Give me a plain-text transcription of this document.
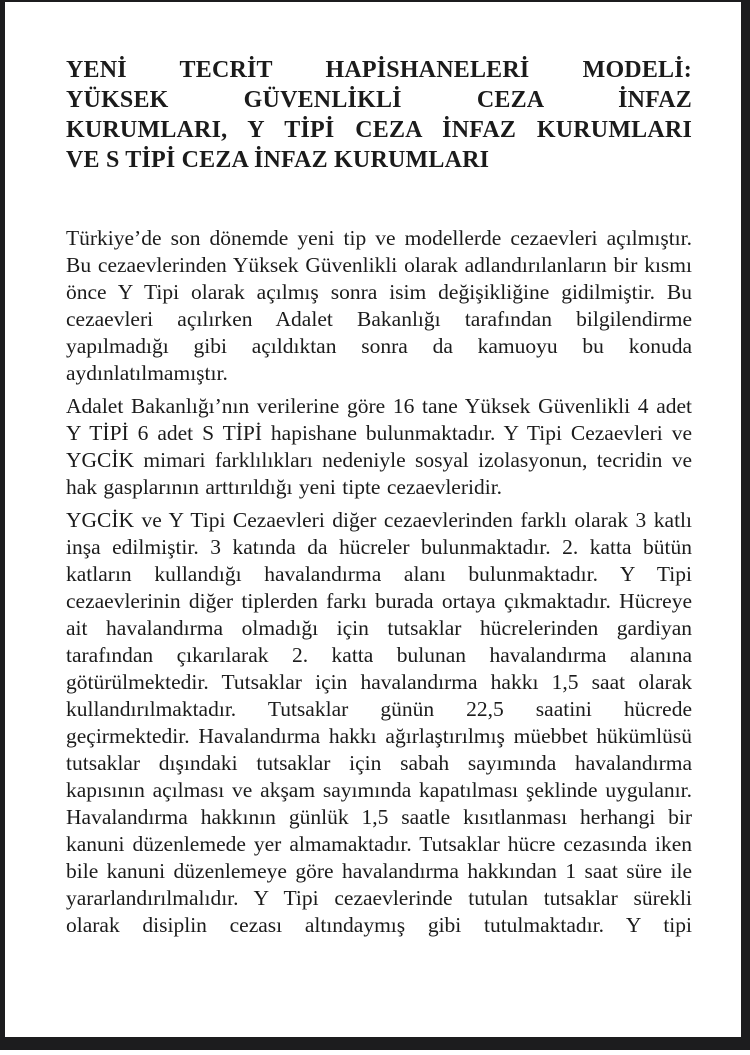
YENİ TECRİT HAPİSHANELERİ MODELİ:
YÜKSEK GÜVENLİKLİ CEZA İNFAZ
KURUMLARI, Y TİPİ CEZA İNFAZ KURUMLARI
VE S TİPİ CEZA İNFAZ KURUMLARI

Türkiye’de son dönemde yeni tip ve modellerde cezaevleri açılmıştır. Bu cezaevlerinden Yüksek Güvenlikli olarak adlandırılanların bir kısmı önce Y Tipi olarak açılmış sonra isim değişikliğine gidilmiştir. Bu cezaevleri açılırken Adalet Bakanlığı tarafından bilgilendirme yapılmadığı gibi açıldıktan sonra da kamuoyu bu konuda aydınlatılmamıştır.

Adalet Bakanlığı’nın verilerine göre 16 tane Yüksek Güvenlikli 4 adet Y TİPİ 6 adet S TİPİ hapishane bulunmaktadır. Y Tipi Cezaevleri ve YGCİK mimari farklılıkları nedeniyle sosyal izolasyonun, tecridin ve hak gasplarının arttırıldığı yeni tipte cezaevleridir.

YGCİK ve Y Tipi Cezaevleri diğer cezaevlerinden farklı olarak 3 katlı inşa edilmiştir. 3 katında da hücreler bulunmaktadır. 2. katta bütün katların kullandığı havalandırma alanı bulunmaktadır. Y Tipi cezaevlerinin diğer tiplerden farkı burada ortaya çıkmaktadır. Hücreye ait havalandırma olmadığı için tutsaklar hücrelerinden gardiyan tarafından çıkarılarak 2. katta bulunan havalandırma alanına götürülmektedir. Tutsaklar için havalandırma hakkı 1,5 saat olarak kullandırılmaktadır. Tutsaklar günün 22,5 saatini hücrede geçirmektedir. Havalandırma hakkı ağırlaştırılmış müebbet hükümlüsü tutsaklar dışındaki tutsaklar için sabah sayımında havalandırma kapısının açılması ve akşam sayımında kapatılması şeklinde uygulanır. Havalandırma hakkının günlük 1,5 saatle kısıtlanması herhangi bir kanuni düzenlemede yer almamaktadır. Tutsaklar hücre cezasında iken bile kanuni düzenlemeye göre havalandırma hakkından 1 saat süre ile yararlandırılmalıdır. Y Tipi cezaevlerinde tutulan tutsaklar sürekli olarak disiplin cezası altındaymış gibi tutulmaktadır. Y tipi
